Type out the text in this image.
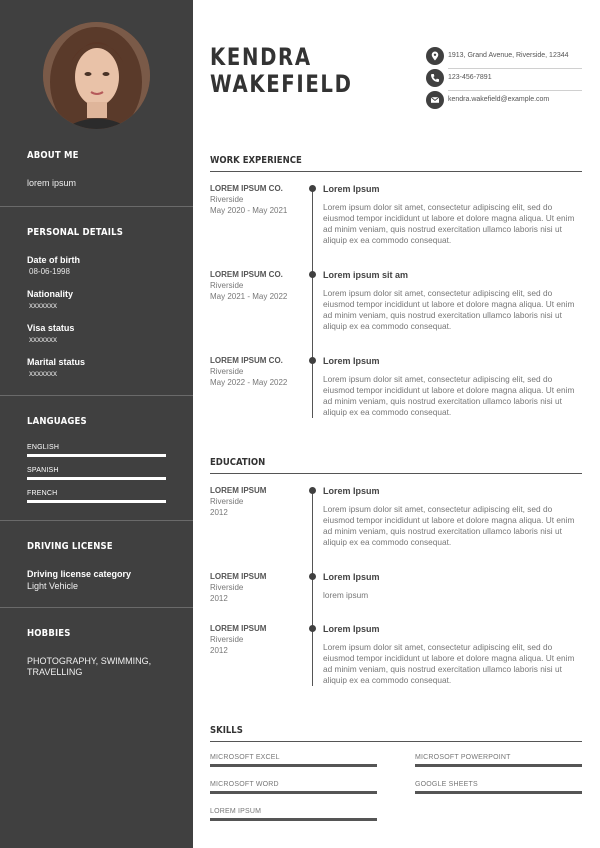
ABOUT ME
lorem ipsum
PERSONAL DETAILS
Date of birth
08-06-1998
Nationality
xxxxxxx
Visa status
xxxxxxx
Marital status
xxxxxxx
LANGUAGES
ENGLISH
SPANISH
FRENCH
DRIVING LICENSE
Driving license category
Light Vehicle
HOBBIES
PHOTOGRAPHY, SWIMMING, TRAVELLING
KENDRA
WAKEFIELD
1913, Grand Avenue, Riverside, 12344
123-456-7891
kendra.wakefield@example.com
WORK EXPERIENCE
LOREM IPSUM CO.
Riverside
May 2020 - May 2021
Lorem Ipsum
Lorem ipsum dolor sit amet, consectetur adipiscing elit, sed do eiusmod tempor incididunt ut labore et dolore magna aliqua. Ut enim ad minim veniam, quis nostrud exercitation ullamco laboris nisi ut aliquip ex ea commodo consequat.
LOREM IPSUM CO.
Riverside
May 2021 - May 2022
Lorem ipsum sit am
Lorem ipsum dolor sit amet, consectetur adipiscing elit, sed do eiusmod tempor incididunt ut labore et dolore magna aliqua. Ut enim ad minim veniam, quis nostrud exercitation ullamco laboris nisi ut aliquip ex ea commodo consequat.
LOREM IPSUM CO.
Riverside
May 2022 - May 2022
Lorem Ipsum
Lorem ipsum dolor sit amet, consectetur adipiscing elit, sed do eiusmod tempor incididunt ut labore et dolore magna aliqua. Ut enim ad minim veniam, quis nostrud exercitation ullamco laboris nisi ut aliquip ex ea commodo consequat.
EDUCATION
LOREM IPSUM
Riverside
2012
Lorem Ipsum
Lorem ipsum dolor sit amet, consectetur adipiscing elit, sed do eiusmod tempor incididunt ut labore et dolore magna aliqua. Ut enim ad minim veniam, quis nostrud exercitation ullamco laboris nisi ut aliquip ex ea commodo consequat.
LOREM IPSUM
Riverside
2012
Lorem Ipsum
lorem ipsum
LOREM IPSUM
Riverside
2012
Lorem Ipsum
Lorem ipsum dolor sit amet, consectetur adipiscing elit, sed do eiusmod tempor incididunt ut labore et dolore magna aliqua. Ut enim ad minim veniam, quis nostrud exercitation ullamco laboris nisi ut aliquip ex ea commodo consequat.
SKILLS
MICROSOFT EXCEL	MICROSOFT POWERPOINT
MICROSOFT WORD	GOOGLE SHEETS
LOREM IPSUM
